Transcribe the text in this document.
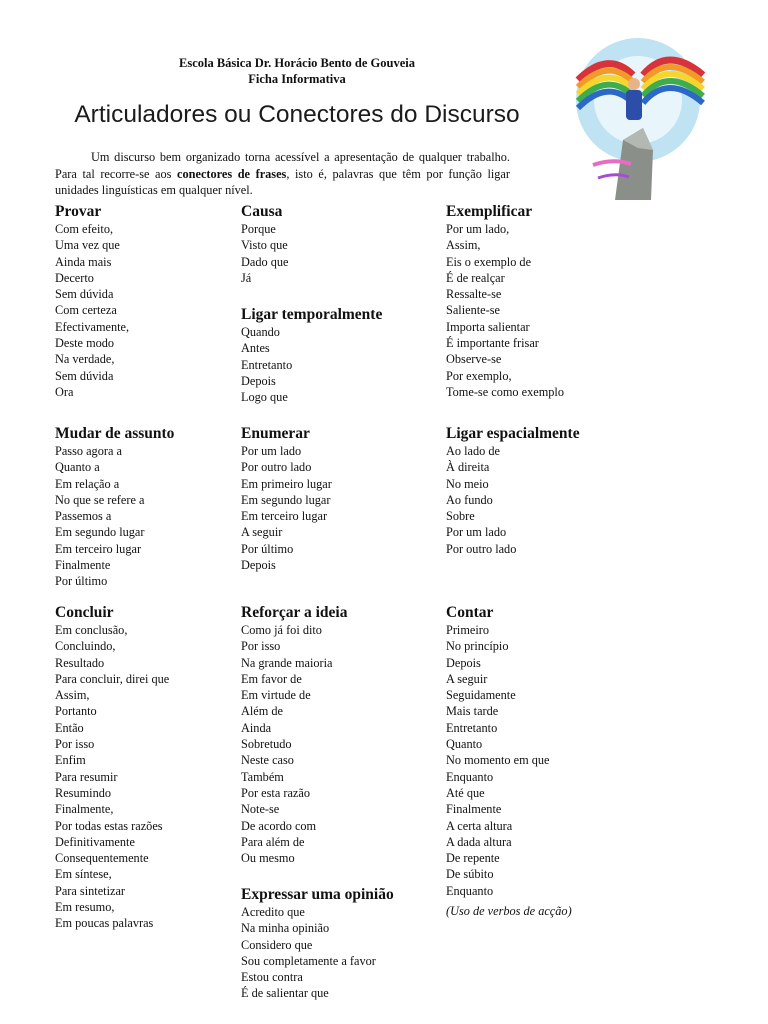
Escola Básica Dr. Horácio Bento de Gouveia
Ficha Informativa
Articuladores ou Conectores do Discurso
Um discurso bem organizado torna acessível a apresentação de qualquer trabalho. Para tal recorre-se aos conectores de frases, isto é, palavras que têm por função ligar unidades linguísticas em qualquer nível.
Provar
Com efeito,
Uma vez que
Ainda mais
Decerto
Sem dúvida
Com certeza
Efectivamente,
Deste modo
Na verdade,
Sem dúvida
Ora
Mudar de assunto
Passo agora a
Quanto a
Em relação a
No que se refere a
Passemos a
Em segundo lugar
Em terceiro lugar
Finalmente
Por último
Concluir
Em conclusão,
Concluindo,
Resultado
Para concluir, direi que
Assim,
Portanto
Então
Por isso
Enfim
Para resumir
Resumindo
Finalmente,
Por todas estas razões
Definitivamente
Consequentemente
Em síntese,
Para sintetizar
Em resumo,
Em poucas palavras
Causa
Porque
Visto que
Dado que
Já
Ligar temporalmente
Quando
Antes
Entretanto
Depois
Logo que
Enumerar
Por um lado
Por outro lado
Em primeiro lugar
Em segundo lugar
Em terceiro lugar
A seguir
Por último
Depois
Reforçar a ideia
Como já foi dito
Por isso
Na grande maioria
Em favor de
Em virtude de
Além de
Ainda
Sobretudo
Neste caso
Também
Por esta razão
Note-se
De acordo com
Para além de
Ou mesmo
Expressar uma opinião
Acredito que
Na minha opinião
Considero que
Sou completamente a favor
Estou contra
É de salientar que
Exemplificar
Por um lado,
Assim,
Eis o exemplo de
É de realçar
Ressalte-se
Saliente-se
Importa salientar
É importante frisar
Observe-se
Por exemplo,
Tome-se como exemplo
Ligar espacialmente
Ao lado de
À direita
No meio
Ao fundo
Sobre
Por um lado
Por outro lado
Contar
Primeiro
No princípio
Depois
A seguir
Seguidamente
Mais tarde
Entretanto
Quanto
No momento em que
Enquanto
Até que
Finalmente
A certa altura
A dada altura
De repente
De súbito
Enquanto
(Uso de verbos de acção)
